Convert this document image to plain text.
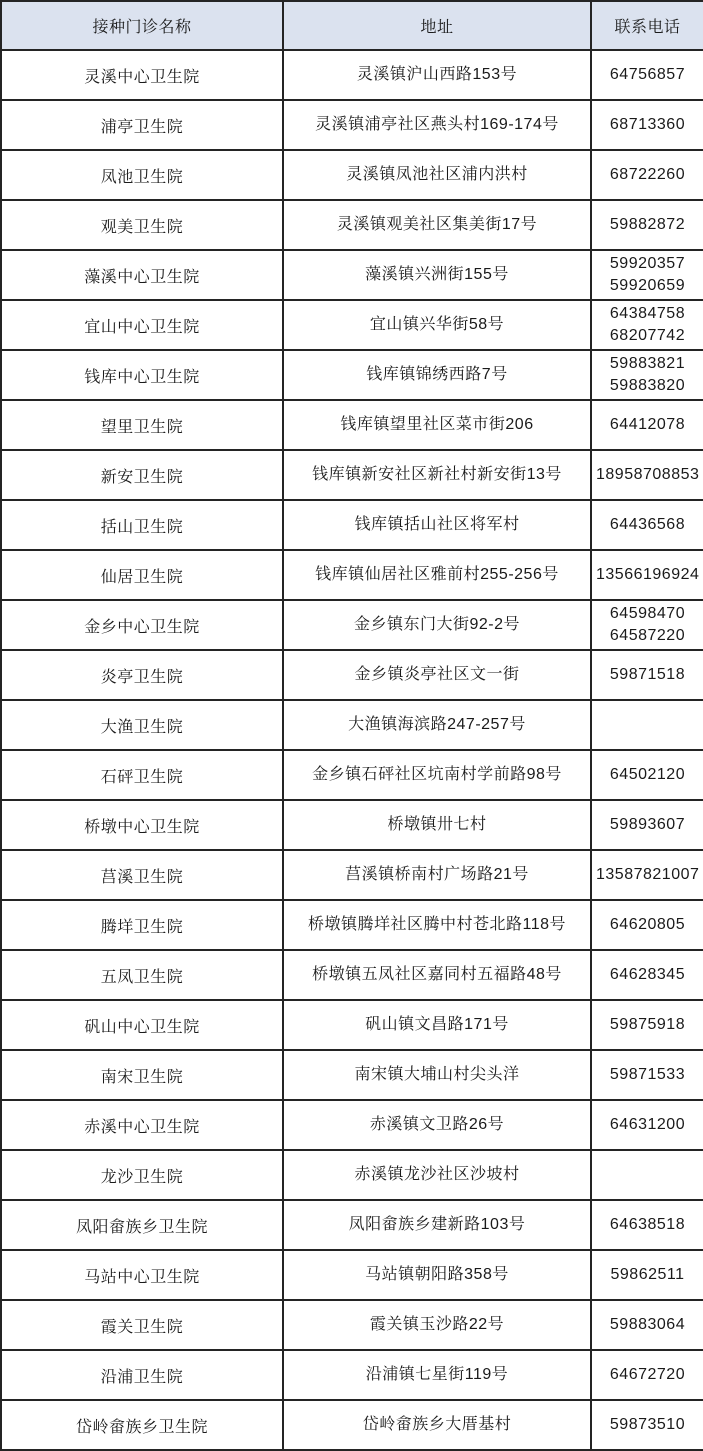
接种门诊名称	地址	联系电话
灵溪中心卫生院	灵溪镇沪山西路153号	64756857

浦亭卫生院	灵溪镇浦亭社区燕头村169-174号	68713360

凤池卫生院	灵溪镇凤池社区浦内洪村	68722260

观美卫生院	灵溪镇观美社区集美街17号	59882872

藻溪中心卫生院	藻溪镇兴洲街155号	59920357
59920659

宜山中心卫生院	宜山镇兴华街58号	64384758
68207742

钱库中心卫生院	钱库镇锦绣西路7号	59883821
59883820

望里卫生院	钱库镇望里社区菜市街206	64412078

新安卫生院	钱库镇新安社区新社村新安街13号	18958708853

括山卫生院	钱库镇括山社区将军村	64436568

仙居卫生院	钱库镇仙居社区雅前村255-256号	13566196924

金乡中心卫生院	金乡镇东门大街92-2号	64598470
64587220

炎亭卫生院	金乡镇炎亭社区文一街	59871518

大渔卫生院	大渔镇海滨路247-257号	
石砰卫生院	金乡镇石砰社区坑南村学前路98号	64502120

桥墩中心卫生院	桥墩镇卅七村	59893607

莒溪卫生院	莒溪镇桥南村广场路21号	13587821007

腾垟卫生院	桥墩镇腾垟社区腾中村苍北路118号	64620805

五凤卫生院	桥墩镇五凤社区嘉同村五福路48号	64628345

矾山中心卫生院	矾山镇文昌路171号	59875918

南宋卫生院	南宋镇大埔山村尖头洋	59871533

赤溪中心卫生院	赤溪镇文卫路26号	64631200

龙沙卫生院	赤溪镇龙沙社区沙坡村	
凤阳畲族乡卫生院	凤阳畲族乡建新路103号	64638518

马站中心卫生院	马站镇朝阳路358号	59862511

霞关卫生院	霞关镇玉沙路22号	59883064

沿浦卫生院	沿浦镇七星街119号	64672720

岱岭畲族乡卫生院	岱岭畲族乡大厝基村	59873510
